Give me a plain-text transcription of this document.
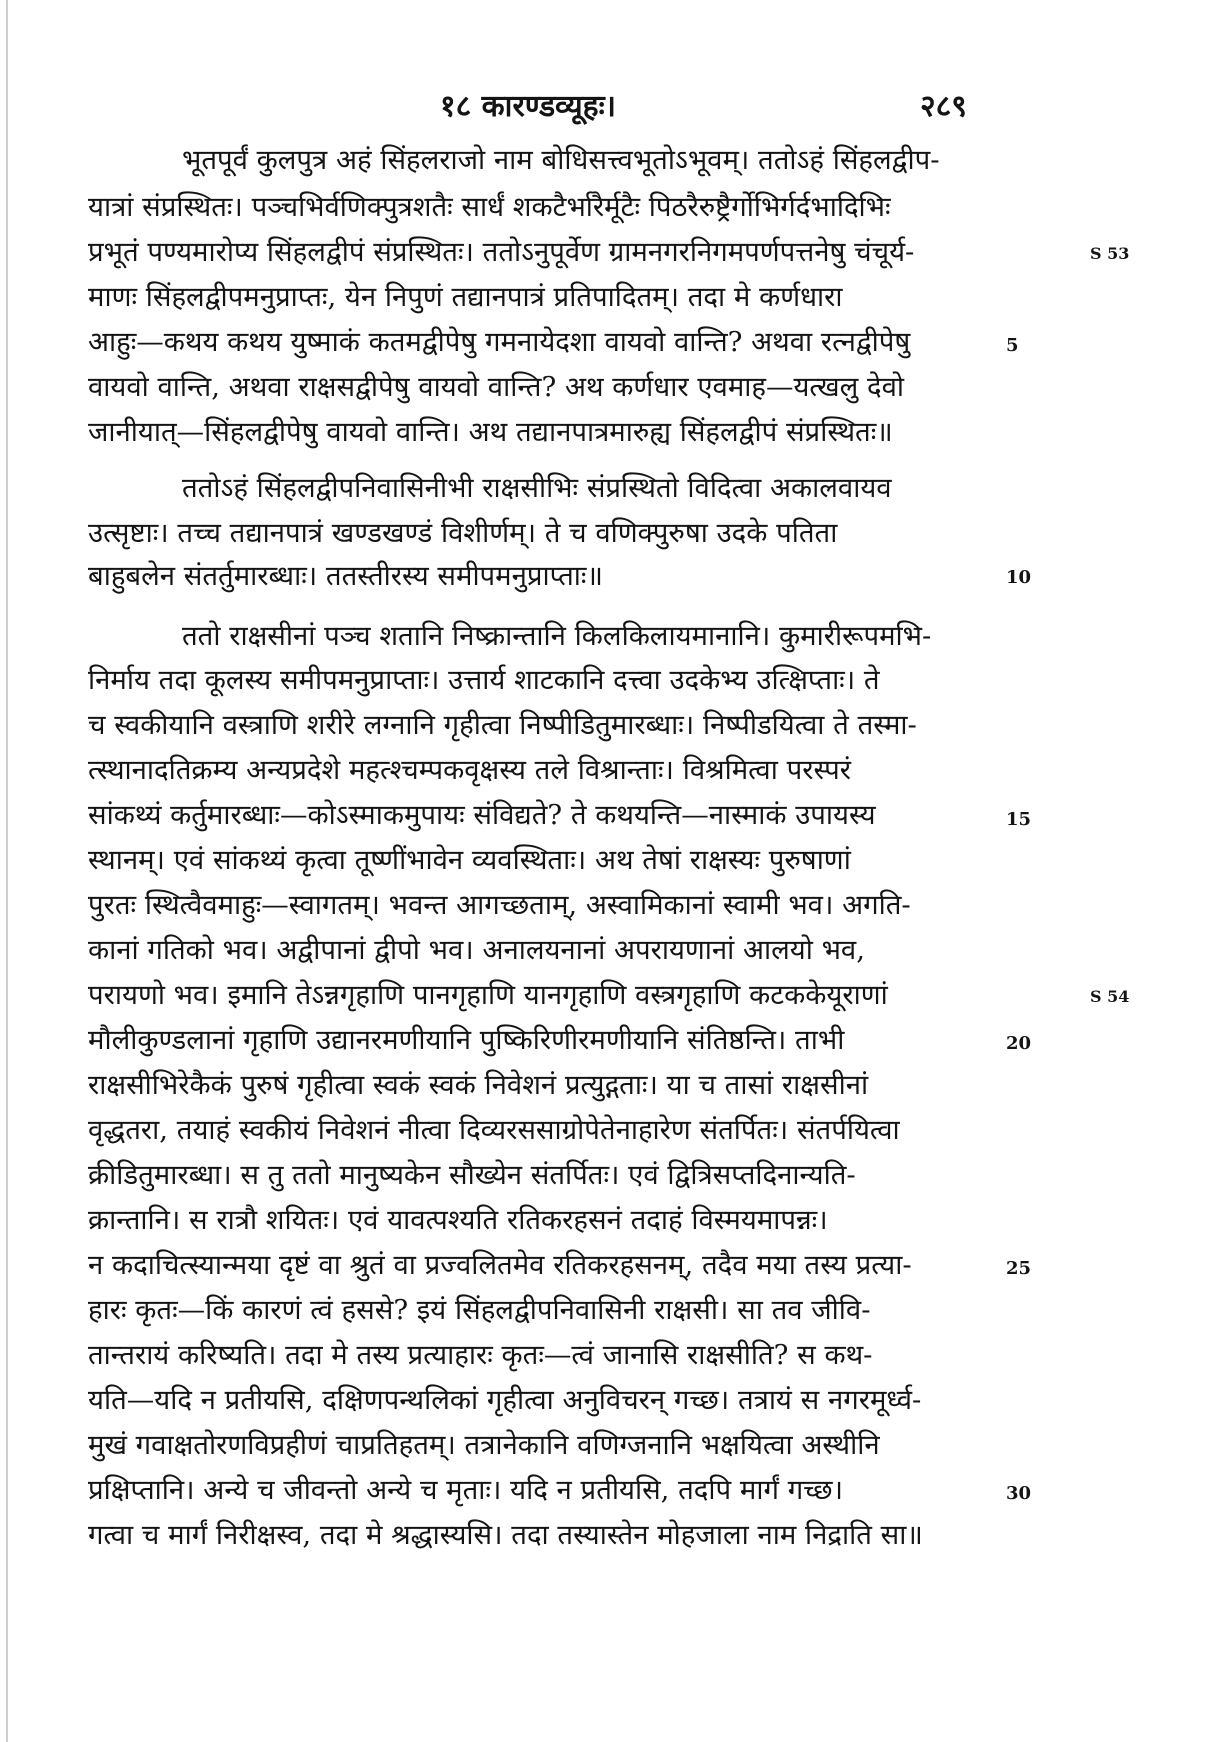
१८ कारण्डव्यूहः।	२८९
भूतपूर्वं कुलपुत्र अहं सिंहलराजो नाम बोधिसत्त्वभूतोऽभूवम्। ततोऽहं सिंहलद्वीप-
यात्रां संप्रस्थितः। पञ्चभिर्वणिक्पुत्रशतैः सार्धं शकटैर्भारैर्मूटैः पिठरैरुष्ट्रैर्गोभिर्गर्दभादिभिः
प्रभूतं पण्यमारोप्य सिंहलद्वीपं संप्रस्थितः। ततोऽनुपूर्वेण ग्रामनगरनिगमपर्णपत्तनेषु चंचूर्य-	S 53
माणः सिंहलद्वीपमनुप्राप्तः, येन निपुणं तद्यानपात्रं प्रतिपादितम्। तदा मे कर्णधारा
आहुः—कथय कथय युष्माकं कतमद्वीपेषु गमनायेदशा वायवो वान्ति? अथवा रत्नद्वीपेषु	5
वायवो वान्ति, अथवा राक्षसद्वीपेषु वायवो वान्ति? अथ कर्णधार एवमाह—यत्खलु देवो
जानीयात्—सिंहलद्वीपेषु वायवो वान्ति। अथ तद्यानपात्रमारुह्य सिंहलद्वीपं संप्रस्थितः॥
ततोऽहं सिंहलद्वीपनिवासिनीभी राक्षसीभिः संप्रस्थितो विदित्वा अकालवायव
उत्सृष्टाः। तच्च तद्यानपात्रं खण्डखण्डं विशीर्णम्। ते च वणिक्पुरुषा उदके पतिता
बाहुबलेन संतर्तुमारब्धाः। ततस्तीरस्य समीपमनुप्राप्ताः॥	10
ततो राक्षसीनां पञ्च शतानि निष्क्रान्तानि किलकिलायमानानि। कुमारीरूपमभि-
निर्माय तदा कूलस्य समीपमनुप्राप्ताः। उत्तार्य शाटकानि दत्त्वा उदकेभ्य उत्क्षिप्ताः। ते
च स्वकीयानि वस्त्राणि शरीरे लग्नानि गृहीत्वा निष्पीडितुमारब्धाः। निष्पीडयित्वा ते तस्मा-
त्स्थानादतिक्रम्य अन्यप्रदेशे महत्श्चम्पकवृक्षस्य तले विश्रान्ताः। विश्रमित्वा परस्परं
सांकथ्यं कर्तुमारब्धाः—कोऽस्माकमुपायः संविद्यते? ते कथयन्ति—नास्माकं उपायस्य	15
स्थानम्। एवं सांकथ्यं कृत्वा तूष्णींभावेन व्यवस्थिताः। अथ तेषां राक्षस्यः पुरुषाणां
पुरतः स्थित्वैवमाहुः—स्वागतम्। भवन्त आगच्छताम्, अस्वामिकानां स्वामी भव। अगति-
कानां गतिको भव। अद्वीपानां द्वीपो भव। अनालयनानां अपरायणानां आलयो भव,
परायणो भव। इमानि तेऽन्नगृहाणि पानगृहाणि यानगृहाणि वस्त्रगृहाणि कटककेयूराणां	S 54
मौलीकुण्डलानां गृहाणि उद्यानरमणीयानि पुष्किरिणीरमणीयानि संतिष्ठन्ति। ताभी	20
राक्षसीभिरेकैकं पुरुषं गृहीत्वा स्वकं स्वकं निवेशनं प्रत्युद्गताः। या च तासां राक्षसीनां
वृद्धतरा, तयाहं स्वकीयं निवेशनं नीत्वा दिव्यरससाग्रोपेतेनाहारेण संतर्पितः। संतर्पयित्वा
क्रीडितुमारब्धा। स तु ततो मानुष्यकेन सौख्येन संतर्पितः। एवं द्वित्रिसप्तदिनान्यति-
क्रान्तानि। स रात्रौ शयितः। एवं यावत्पश्यति रतिकरहसनं तदाहं विस्मयमापन्नः।
न कदाचित्स्यान्मया दृष्टं वा श्रुतं वा प्रज्वलितमेव रतिकरहसनम्, तदैव मया तस्य प्रत्या-	25
हारः कृतः—किं कारणं त्वं हससे? इयं सिंहलद्वीपनिवासिनी राक्षसी। सा तव जीवि-
तान्तरायं करिष्यति। तदा मे तस्य प्रत्याहारः कृतः—त्वं जानासि राक्षसीति? स कथ-
यति—यदि न प्रतीयसि, दक्षिणपन्थलिकां गृहीत्वा अनुविचरन् गच्छ। तत्रायं स नगरमूर्ध्व-
मुखं गवाक्षतोरणविप्रहीणं चाप्रतिहतम्। तत्रानेकानि वणिग्जनानि भक्षयित्वा अस्थीनि
प्रक्षिप्तानि। अन्ये च जीवन्तो अन्ये च मृताः। यदि न प्रतीयसि, तदपि मार्गं गच्छ।	30
गत्वा च मार्गं निरीक्षस्व, तदा मे श्रद्धास्यसि। तदा तस्यास्तेन मोहजाला नाम निद्राति सा॥
